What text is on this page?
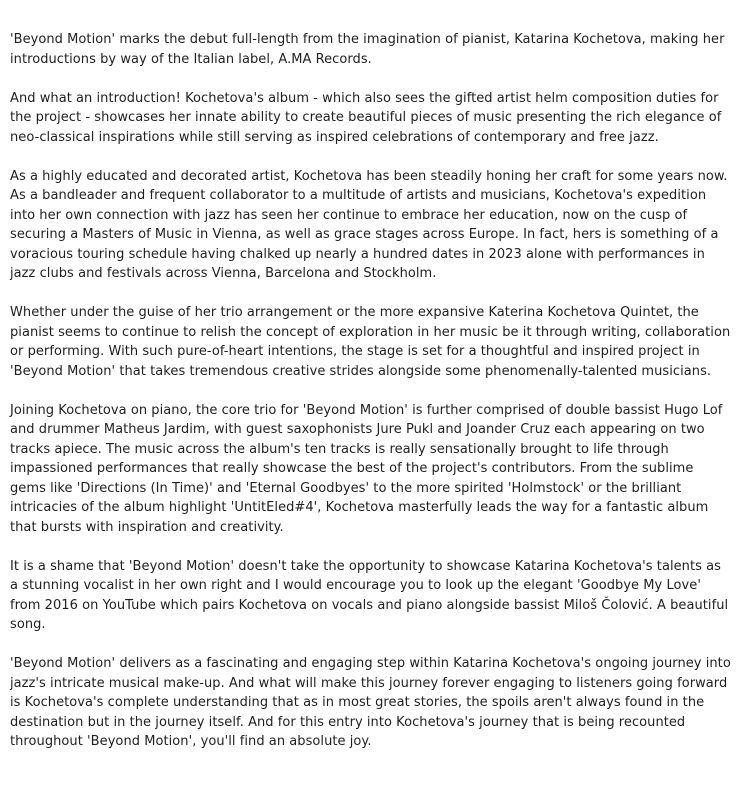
'Beyond Motion' marks the debut full-length from the imagination of pianist, Katarina Kochetova, making her introductions by way of the Italian label, A.MA Records.

And what an introduction! Kochetova's album - which also sees the gifted artist helm composition duties for the project - showcases her innate ability to create beautiful pieces of music presenting the rich elegance of neo-classical inspirations while still serving as inspired celebrations of contemporary and free jazz.

As a highly educated and decorated artist, Kochetova has been steadily honing her craft for some years now. As a bandleader and frequent collaborator to a multitude of artists and musicians, Kochetova's expedition into her own connection with jazz has seen her continue to embrace her education, now on the cusp of securing a Masters of Music in Vienna, as well as grace stages across Europe. In fact, hers is something of a voracious touring schedule having chalked up nearly a hundred dates in 2023 alone with performances in jazz clubs and festivals across Vienna, Barcelona and Stockholm.

Whether under the guise of her trio arrangement or the more expansive Katerina Kochetova Quintet, the pianist seems to continue to relish the concept of exploration in her music be it through writing, collaboration or performing. With such pure-of-heart intentions, the stage is set for a thoughtful and inspired project in 'Beyond Motion' that takes tremendous creative strides alongside some phenomenally-talented musicians.

Joining Kochetova on piano, the core trio for 'Beyond Motion' is further comprised of double bassist Hugo Lof and drummer Matheus Jardim, with guest saxophonists Jure Pukl and Joander Cruz each appearing on two tracks apiece. The music across the album's ten tracks is really sensationally brought to life through impassioned performances that really showcase the best of the project's contributors. From the sublime gems like 'Directions (In Time)' and 'Eternal Goodbyes' to the more spirited 'Holmstock' or the brilliant intricacies of the album highlight 'UntitEled#4', Kochetova masterfully leads the way for a fantastic album that bursts with inspiration and creativity.

It is a shame that 'Beyond Motion' doesn't take the opportunity to showcase Katarina Kochetova's talents as a stunning vocalist in her own right and I would encourage you to look up the elegant 'Goodbye My Love' from 2016 on YouTube which pairs Kochetova on vocals and piano alongside bassist Miloš Čolović. A beautiful song.

'Beyond Motion' delivers as a fascinating and engaging step within Katarina Kochetova's ongoing journey into jazz's intricate musical make-up. And what will make this journey forever engaging to listeners going forward is Kochetova's complete understanding that as in most great stories, the spoils aren't always found in the destination but in the journey itself. And for this entry into Kochetova's journey that is being recounted throughout 'Beyond Motion', you'll find an absolute joy.
